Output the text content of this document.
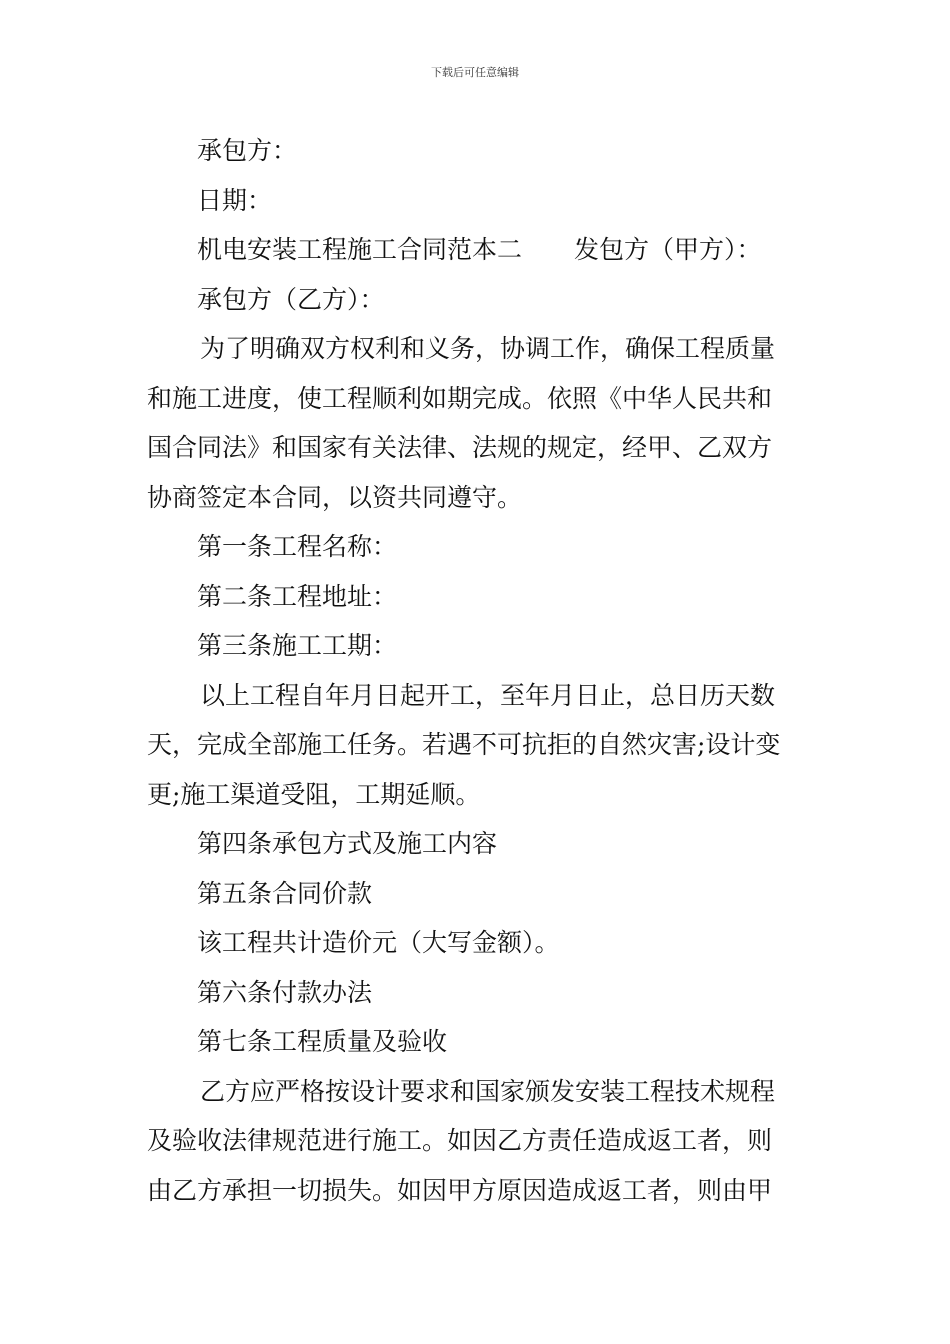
下载后可任意编辑
承包方：
日期：
机电安装工程施工合同范本二 发包方（甲方）：
承包方（乙方）：
为了明确双方权利和义务，协调工作，确保工程质量
和施工进度，使工程顺利如期完成。依照《中华人民共和
国合同法》和国家有关法律、法规的规定，经甲、乙双方
协商签定本合同，以资共同遵守。
第一条工程名称：
第二条工程地址：
第三条施工工期：
以上工程自年月日起开工，至年月日止，总日历天数
天，完成全部施工任务。若遇不可抗拒的自然灾害;设计变
更;施工渠道受阻，工期延顺。
第四条承包方式及施工内容
第五条合同价款
该工程共计造价元（大写金额）。
第六条付款办法
第七条工程质量及验收
乙方应严格按设计要求和国家颁发安装工程技术规程
及验收法律规范进行施工。如因乙方责任造成返工者，则
由乙方承担一切损失。如因甲方原因造成返工者，则由甲
